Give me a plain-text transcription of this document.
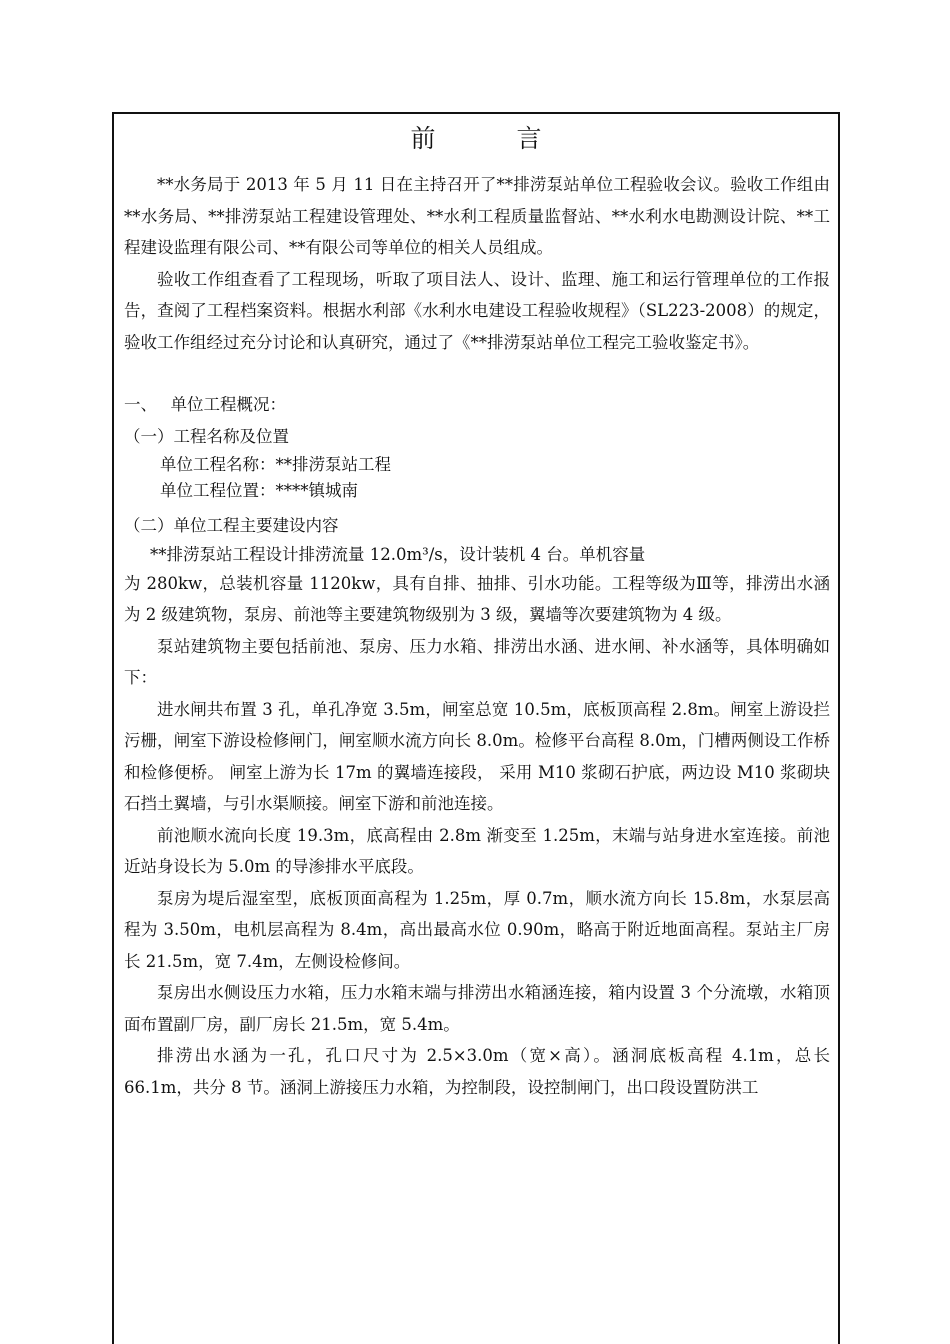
前　言

**水务局于 2013 年 5 月 11 日在主持召开了**排涝泵站单位工程验收会议。验收工作组由**水务局、**排涝泵站工程建设管理处、**水利工程质量监督站、**水利水电勘测设计院、**工程建设监理有限公司、**有限公司等单位的相关人员组成。

验收工作组查看了工程现场，听取了项目法人、设计、监理、施工和运行管理单位的工作报告，查阅了工程档案资料。根据水利部《水利水电建设工程验收规程》（SL223-2008）的规定，验收工作组经过充分讨论和认真研究，通过了《**排涝泵站单位工程完工验收鉴定书》。

一、　 单位工程概况：

（一）工程名称及位置

单位工程名称：**排涝泵站工程

单位工程位置：****镇城南

（二）单位工程主要建设内容

**排涝泵站工程设计排涝流量 12.0m³/s，设计装机 4 台。单机容量

为 280kw，总装机容量 1120kw，具有自排、抽排、引水功能。工程等级为Ⅲ等，排涝出水涵为 2 级建筑物，泵房、前池等主要建筑物级别为 3 级，翼墙等次要建筑物为 4 级。

泵站建筑物主要包括前池、泵房、压力水箱、排涝出水涵、进水闸、补水涵等，具体明确如下：

进水闸共布置 3 孔，单孔净宽 3.5m，闸室总宽 10.5m，底板顶高程 2.8m。闸室上游设拦污栅，闸室下游设检修闸门，闸室顺水流方向长 8.0m。检修平台高程 8.0m，门槽两侧设工作桥和检修便桥。 闸室上游为长 17m 的翼墙连接段， 采用 M10 浆砌石护底，两边设 M10 浆砌块石挡土翼墙，与引水渠顺接。闸室下游和前池连接。

前池顺水流向长度 19.3m，底高程由 2.8m 渐变至 1.25m，末端与站身进水室连接。前池近站身设长为 5.0m 的导渗排水平底段。

泵房为堤后湿室型，底板顶面高程为 1.25m，厚 0.7m，顺水流方向长 15.8m，水泵层高程为 3.50m，电机层高程为 8.4m，高出最高水位 0.90m，略高于附近地面高程。泵站主厂房长 21.5m，宽 7.4m，左侧设检修间。

泵房出水侧设压力水箱，压力水箱末端与排涝出水箱涵连接，箱内设置 3 个分流墩，水箱顶面布置副厂房，副厂房长 21.5m，宽 5.4m。

排涝出水涵为一孔，孔口尺寸为 2.5×3.0m（宽×高）。涵洞底板高程 4.1m，总长 66.1m，共分 8 节。涵洞上游接压力水箱，为控制段，设控制闸门，出口段设置防洪工
